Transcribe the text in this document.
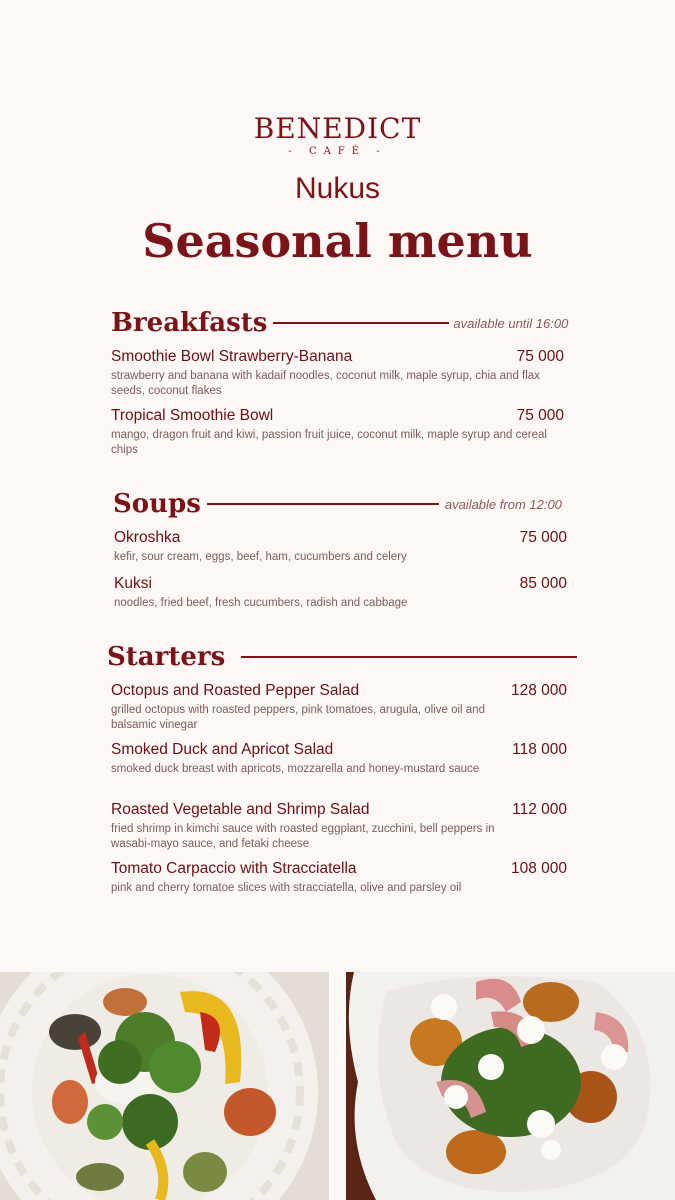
BENEDICT
- CAFÉ -
Nukus
Seasonal menu
Breakfasts	available until 16:00
Smoothie Bowl Strawberry-Banana
strawberry and banana with kadaif noodles, coconut milk, maple syrup, chia and flax seeds, coconut flakes
75 000
Tropical Smoothie Bowl
mango, dragon fruit and kiwi, passion fruit juice, coconut milk, maple syrup and cereal chips
75 000
Soups	available from 12:00
Okroshka
kefir, sour cream, eggs, beef, ham, cucumbers and celery
75 000
Kuksi
noodles, fried beef, fresh cucumbers, radish and cabbage
85 000
Starters
Octopus and Roasted Pepper Salad
grilled octopus with roasted peppers, pink tomatoes, arugula, olive oil and balsamic vinegar
128 000
Smoked Duck and Apricot Salad
smoked duck breast with apricots, mozzarella and honey-mustard sauce
118 000
Roasted Vegetable and Shrimp Salad
fried shrimp in kimchi sauce with roasted eggplant, zucchini, bell peppers in wasabi-mayo sauce, and fetaki cheese
112 000
Tomato Carpaccio with Stracciatella
pink and cherry tomatoe slices with stracciatella, olive and parsley oil
108 000
